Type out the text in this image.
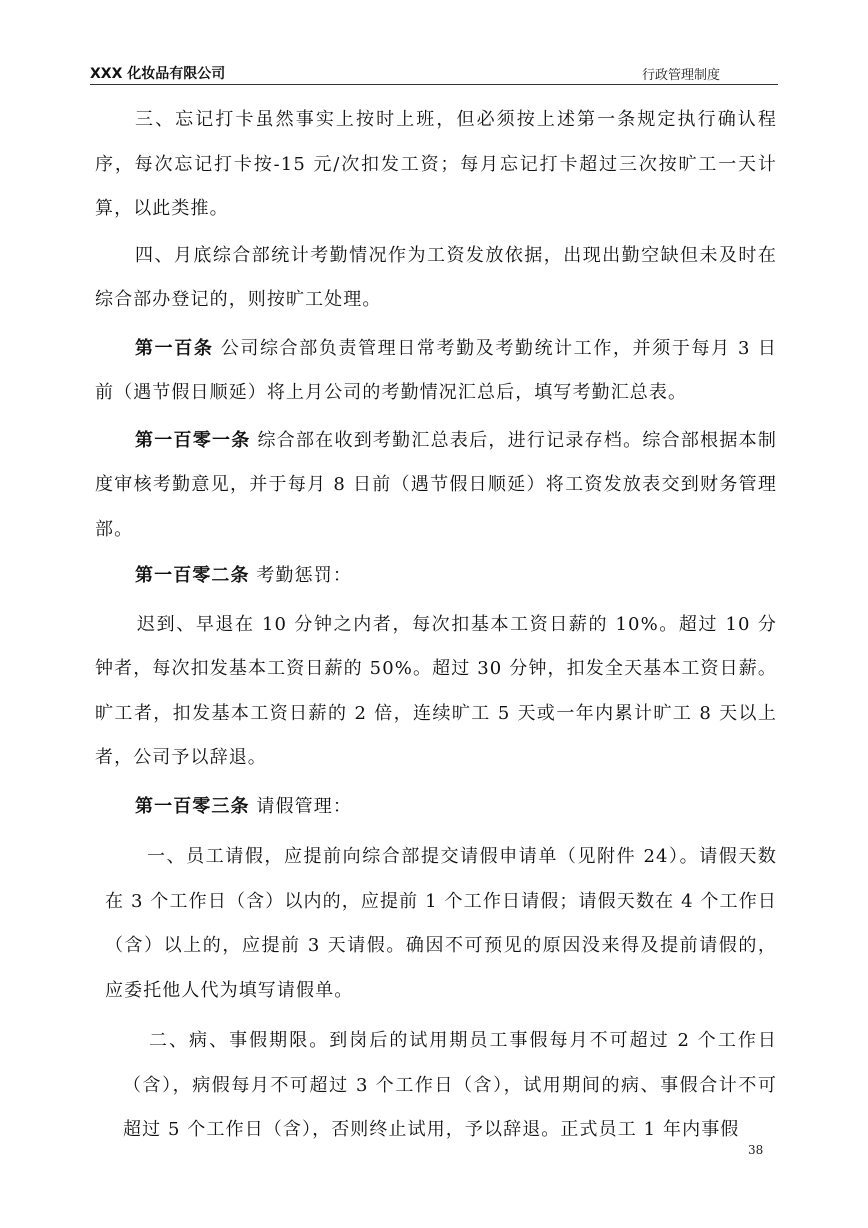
XXX 化妆品有限公司	行政管理制度

三、忘记打卡虽然事实上按时上班，但必须按上述第一条规定执行确认程序，每次忘记打卡按-15 元/次扣发工资；每月忘记打卡超过三次按旷工一天计算，以此类推。

四、月底综合部统计考勤情况作为工资发放依据，出现出勤空缺但未及时在综合部办登记的，则按旷工处理。

第一百条 公司综合部负责管理日常考勤及考勤统计工作，并须于每月 3 日前（遇节假日顺延）将上月公司的考勤情况汇总后，填写考勤汇总表。

第一百零一条 综合部在收到考勤汇总表后，进行记录存档。综合部根据本制度审核考勤意见，并于每月 8 日前（遇节假日顺延）将工资发放表交到财务管理部。

第一百零二条 考勤惩罚：

迟到、早退在 10 分钟之内者，每次扣基本工资日薪的 10%。超过 10 分钟者，每次扣发基本工资日薪的 50%。超过 30 分钟，扣发全天基本工资日薪。旷工者，扣发基本工资日薪的 2 倍，连续旷工 5 天或一年内累计旷工 8 天以上者，公司予以辞退。

第一百零三条 请假管理：

一、员工请假，应提前向综合部提交请假申请单（见附件 24）。请假天数在 3 个工作日（含）以内的，应提前 1 个工作日请假；请假天数在 4 个工作日（含）以上的，应提前 3 天请假。确因不可预见的原因没来得及提前请假的，应委托他人代为填写请假单。

二、病、事假期限。到岗后的试用期员工事假每月不可超过 2 个工作日（含），病假每月不可超过 3 个工作日（含），试用期间的病、事假合计不可超过 5 个工作日（含），否则终止试用，予以辞退。正式员工 1 年内事假

38
